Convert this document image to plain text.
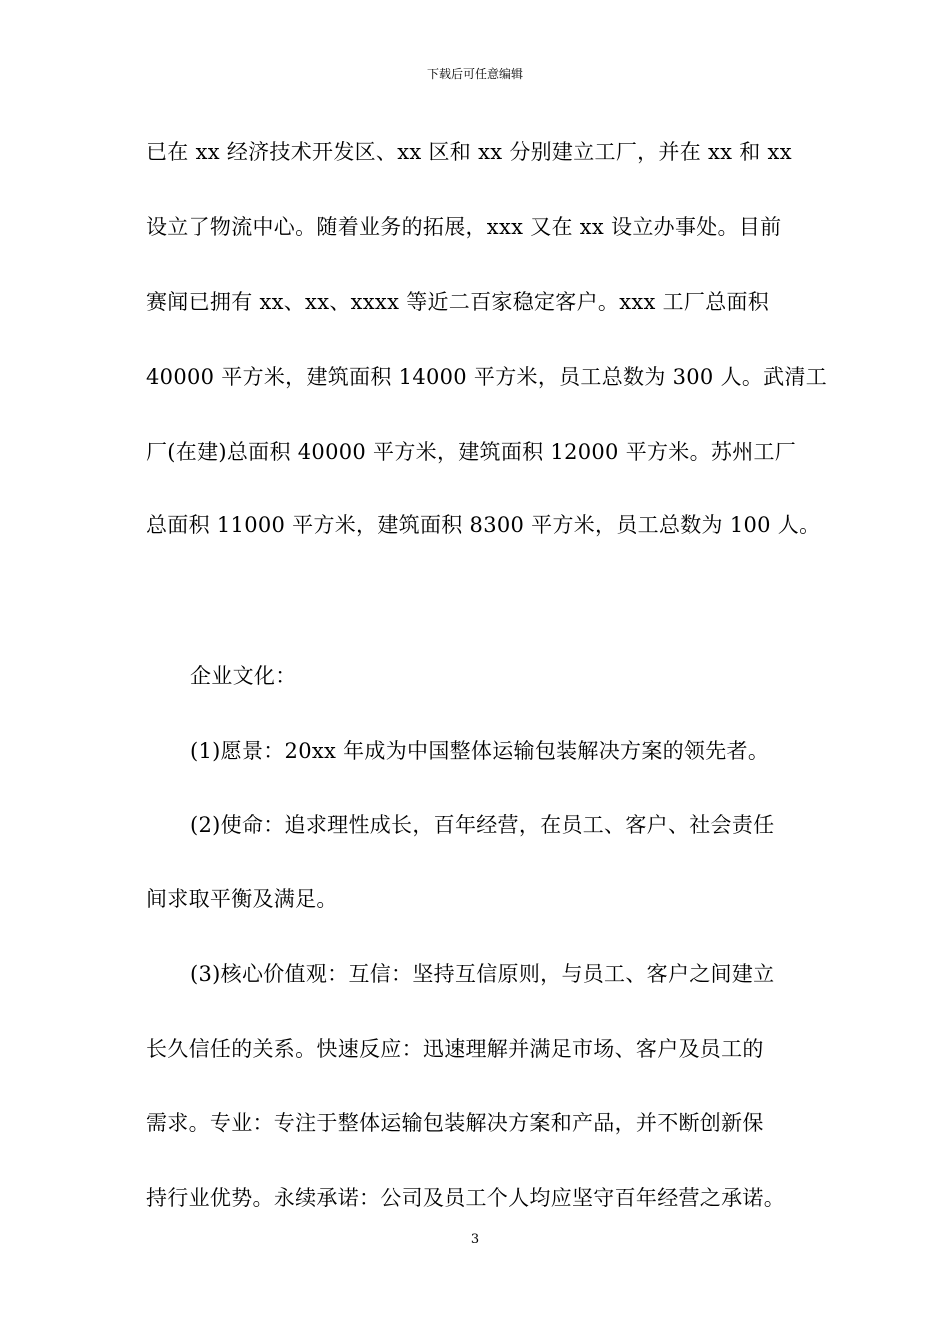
下载后可任意编辑
已在 xx 经济技术开发区、xx 区和 xx 分别建立工厂，并在 xx 和 xx
设立了物流中心。随着业务的拓展，xxx 又在 xx 设立办事处。目前
赛闻已拥有 xx、xx、xxxx 等近二百家稳定客户。xxx 工厂总面积
40000 平方米，建筑面积 14000 平方米，员工总数为 300 人。武清工
厂(在建)总面积 40000 平方米，建筑面积 12000 平方米。苏州工厂
总面积 11000 平方米，建筑面积 8300 平方米，员工总数为 100 人。
企业文化：
(1)愿景：20xx 年成为中国整体运输包装解决方案的领先者。
(2)使命：追求理性成长，百年经营，在员工、客户、社会责任
间求取平衡及满足。
(3)核心价值观：互信：坚持互信原则，与员工、客户之间建立
长久信任的关系。快速反应：迅速理解并满足市场、客户及员工的
需求。专业：专注于整体运输包装解决方案和产品，并不断创新保
持行业优势。永续承诺：公司及员工个人均应坚守百年经营之承诺。
3
